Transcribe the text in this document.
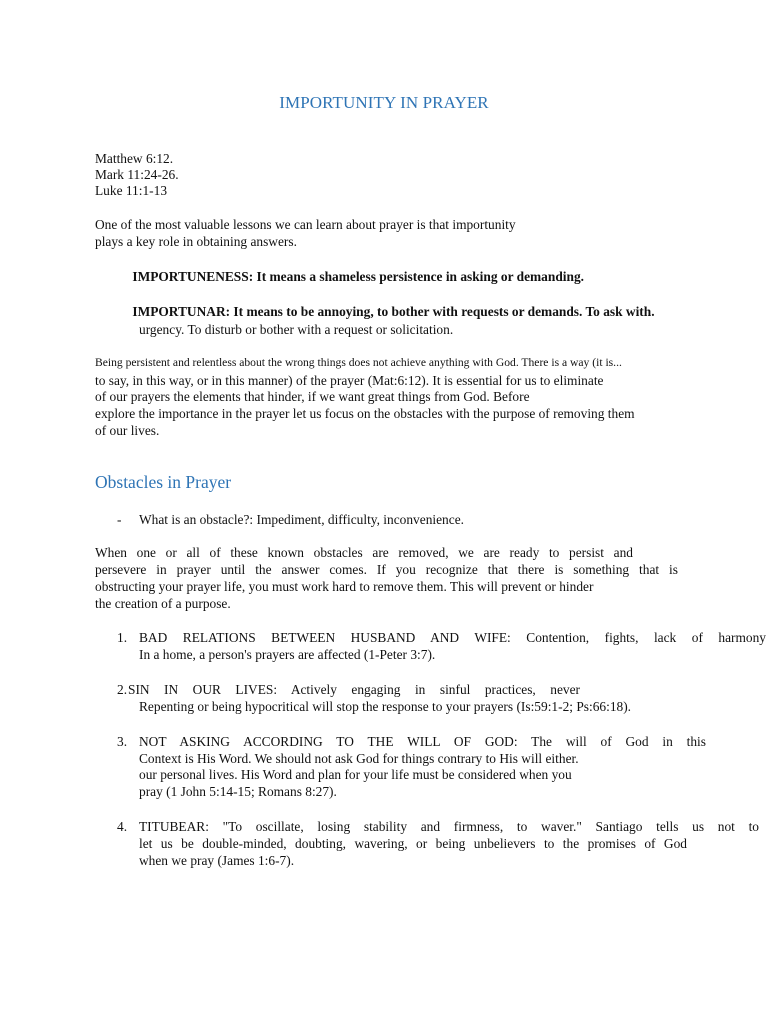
IMPORTUNITY IN PRAYER
Matthew 6:12.
Mark 11:24-26.
Luke 11:1-13
One of the most valuable lessons we can learn about prayer is that importunity
plays a key role in obtaining answers.
IMPORTUNENESS: It means a shameless persistence in asking or demanding.
IMPORTUNAR: It means to be annoying, to bother with requests or demands. To ask with.
urgency. To disturb or bother with a request or solicitation.
Being persistent and relentless about the wrong things does not achieve anything with God. There is a way (it is...
to say, in this way, or in this manner) of the prayer (Mat:6:12). It is essential for us to eliminate
of our prayers the elements that hinder, if we want great things from God. Before
explore the importance in the prayer let us focus on the obstacles with the purpose of removing them
of our lives.
Obstacles in Prayer
- What is an obstacle?: Impediment, difficulty, inconvenience.
When one or all of these known obstacles are removed, we are ready to persist and
persevere in prayer until the answer comes. If you recognize that there is something that is
obstructing your prayer life, you must work hard to remove them. This will prevent or hinder
the creation of a purpose.
1. BAD RELATIONS BETWEEN HUSBAND AND WIFE: Contention, fights, lack of harmony
In a home, a person's prayers are affected (1-Peter 3:7).
2. SIN IN OUR LIVES: Actively engaging in sinful practices, never
Repenting or being hypocritical will stop the response to your prayers (Is:59:1-2; Ps:66:18).
3. NOT ASKING ACCORDING TO THE WILL OF GOD: The will of God in this
Context is His Word. We should not ask God for things contrary to His will either.
our personal lives. His Word and plan for your life must be considered when you
pray (1 John 5:14-15; Romans 8:27).
4. TITUBEAR: "To oscillate, losing stability and firmness, to waver." Santiago tells us not to
let us be double-minded, doubting, wavering, or being unbelievers to the promises of God
when we pray (James 1:6-7).
